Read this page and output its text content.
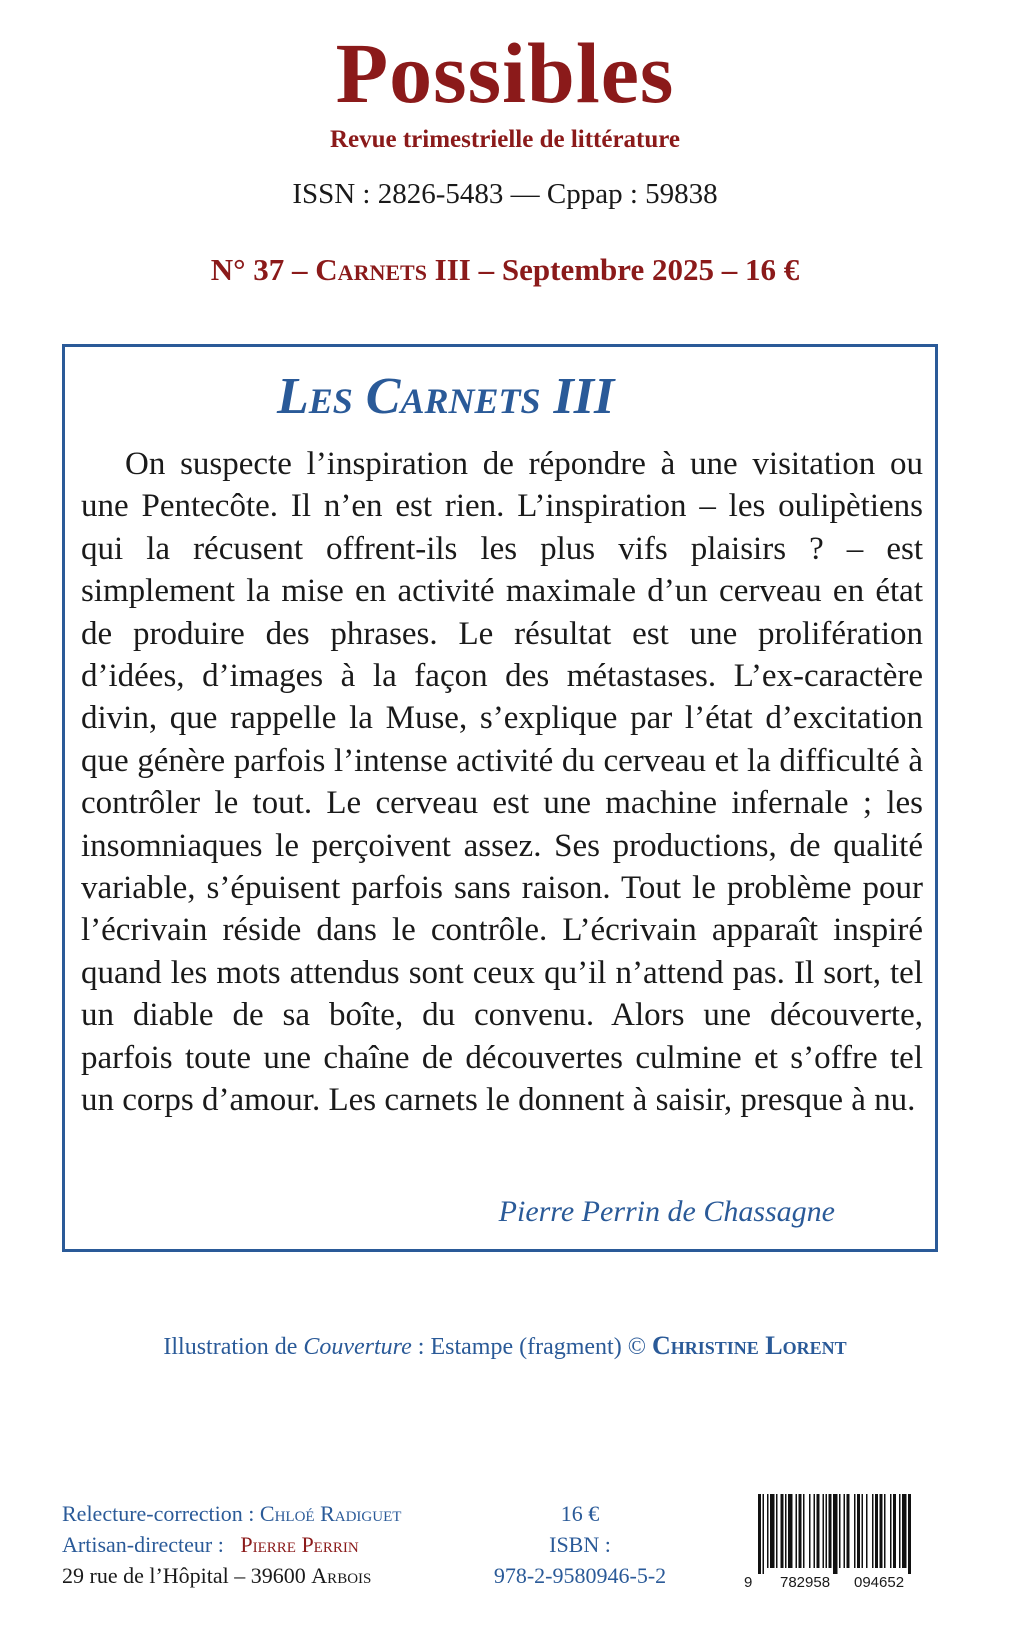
Possibles
Revue trimestrielle de littérature
ISSN : 2826-5483 — Cppap : 59838
N° 37 – Carnets III – Septembre 2025 – 16 €
Les Carnets III

On suspecte l’inspiration de répondre à une visitation ou une Pentecôte. Il n’en est rien. L’inspiration – les oulipètiens qui la récusent offrent-ils les plus vifs plaisirs ? – est simplement la mise en activité maximale d’un cerveau en état de produire des phrases. Le résultat est une prolifération d’idées, d’images à la façon des métastases. L’ex-caractère divin, que rappelle la Muse, s’explique par l’état d’excitation que génère parfois l’intense activité du cerveau et la difficulté à contrôler le tout. Le cerveau est une machine infernale ; les insomniaques le perçoivent assez. Ses productions, de qualité variable, s’épuisent parfois sans raison. Tout le problème pour l’écrivain réside dans le contrôle. L’écrivain apparaît inspiré quand les mots attendus sont ceux qu’il n’attend pas. Il sort, tel un diable de sa boîte, du convenu. Alors une découverte, parfois toute une chaîne de découvertes culmine et s’offre tel un corps d’amour. Les carnets le donnent à saisir, presque à nu.

Pierre Perrin de Chassagne
Illustration de Couverture : Estampe (fragment) © Christine Lorent
Relecture-correction : Chloé Radiguet
Artisan-directeur :   Pierre Perrin
29 rue de l’Hôpital – 39600 Arbois
16 €
ISBN :
978-2-9580946-5-2	9 782958 094652
